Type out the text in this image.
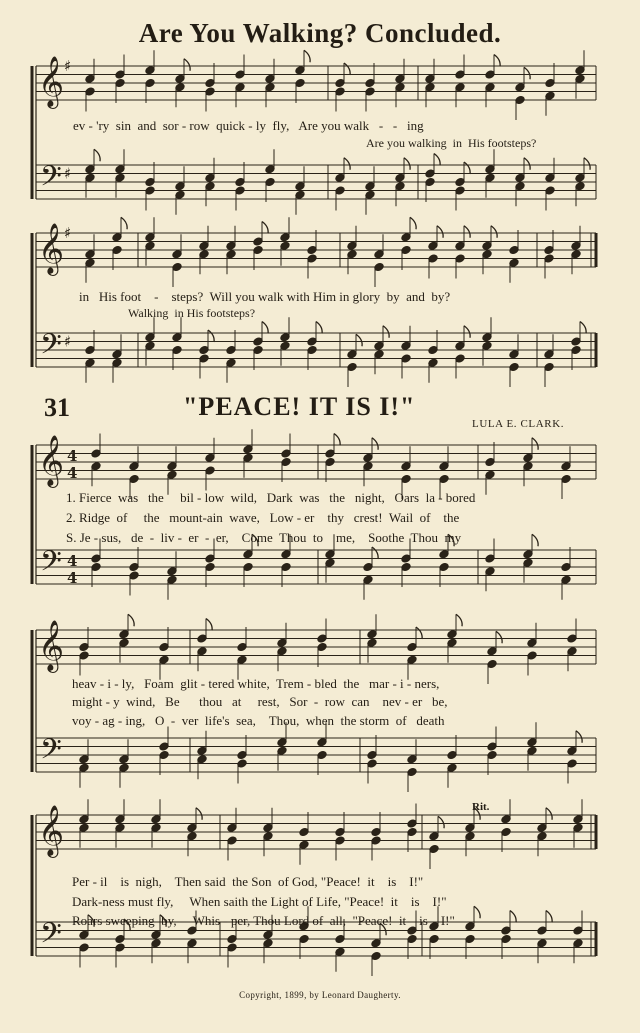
Are You Walking? Concluded.
𝄞
𝄢
♯
♯
𝄞
𝄢
♯
♯
𝄞
𝄢
4
4
4
4
𝄞
𝄢
𝄞
𝄢
ev - 'ry  sin  and  sor - row  quick - ly  fly,   Are you walk   -   -   ing
Are you walking  in  His footsteps?
in   His foot    -    steps?  Will you walk with Him in glory  by  and  by?
Walking  in His footsteps?
31	"PEACE! IT IS I!"
LULA E. CLARK.
1. Fierce  was   the     bil - low  wild,   Dark  was   the   night,   Oars  la - bored
2. Ridge  of     the   mount-ain  wave,   Low - er    thy   crest!  Wail  of    the
S. Je - sus,   de  -  liv -  er  -  er,    Come  Thou  to    me,    Soothe  Thou  my
heav - i - ly,   Foam  glit - tered white,  Trem - bled  the   mar - i - ners,
might - y  wind,   Be      thou   at     rest,   Sor  -  row  can    nev - er   be,
voy - ag - ing,   O  -  ver  life's  sea,    Thou,  when  the storm  of   death
Rit.
Per - il    is  nigh,    Then said  the Son  of God, "Peace!  it    is    I!"
Dark-ness must fly,     When saith the Light of Life, "Peace!  it    is    I!"
Roars sweeping  by,     Whis - per, Thou Lord of  all,  "Peace!  it    is    I!"
Copyright, 1899, by Leonard Daugherty.
